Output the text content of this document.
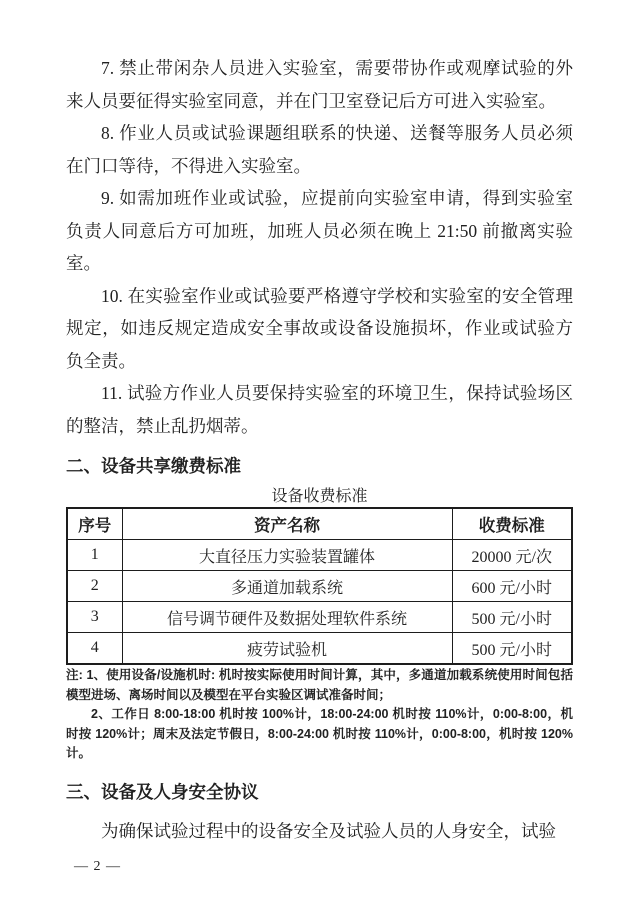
7. 禁止带闲杂人员进入实验室，需要带协作或观摩试验的外来人员要征得实验室同意，并在门卫室登记后方可进入实验室。

8. 作业人员或试验课题组联系的快递、送餐等服务人员必须在门口等待，不得进入实验室。

9. 如需加班作业或试验，应提前向实验室申请，得到实验室负责人同意后方可加班，加班人员必须在晚上 21:50 前撤离实验室。

10. 在实验室作业或试验要严格遵守学校和实验室的安全管理规定，如违反规定造成安全事故或设备设施损坏，作业或试验方负全责。

11. 试验方作业人员要保持实验室的环境卫生，保持试验场区的整洁，禁止乱扔烟蒂。

二、设备共享缴费标准
设备收费标准
序号	资产名称	收费标准
1	大直径压力实验装置罐体	20000 元/次
2	多通道加载系统	600 元/小时
3	信号调节硬件及数据处理软件系统	500 元/小时
4	疲劳试验机	500 元/小时

注: 1、使用设备/设施机时: 机时按实际使用时间计算，其中，多通道加载系统使用时间包括模型进场、离场时间以及模型在平台实验区调试准备时间；

2、工作日 8:00-18:00 机时按 100%计，18:00-24:00 机时按 110%计，0:00-8:00，机时按 120%计；周末及法定节假日，8:00-24:00 机时按 110%计，0:00-8:00，机时按 120%计。

三、设备及人身安全协议

为确保试验过程中的设备安全及试验人员的人身安全，试验

— 2 —
